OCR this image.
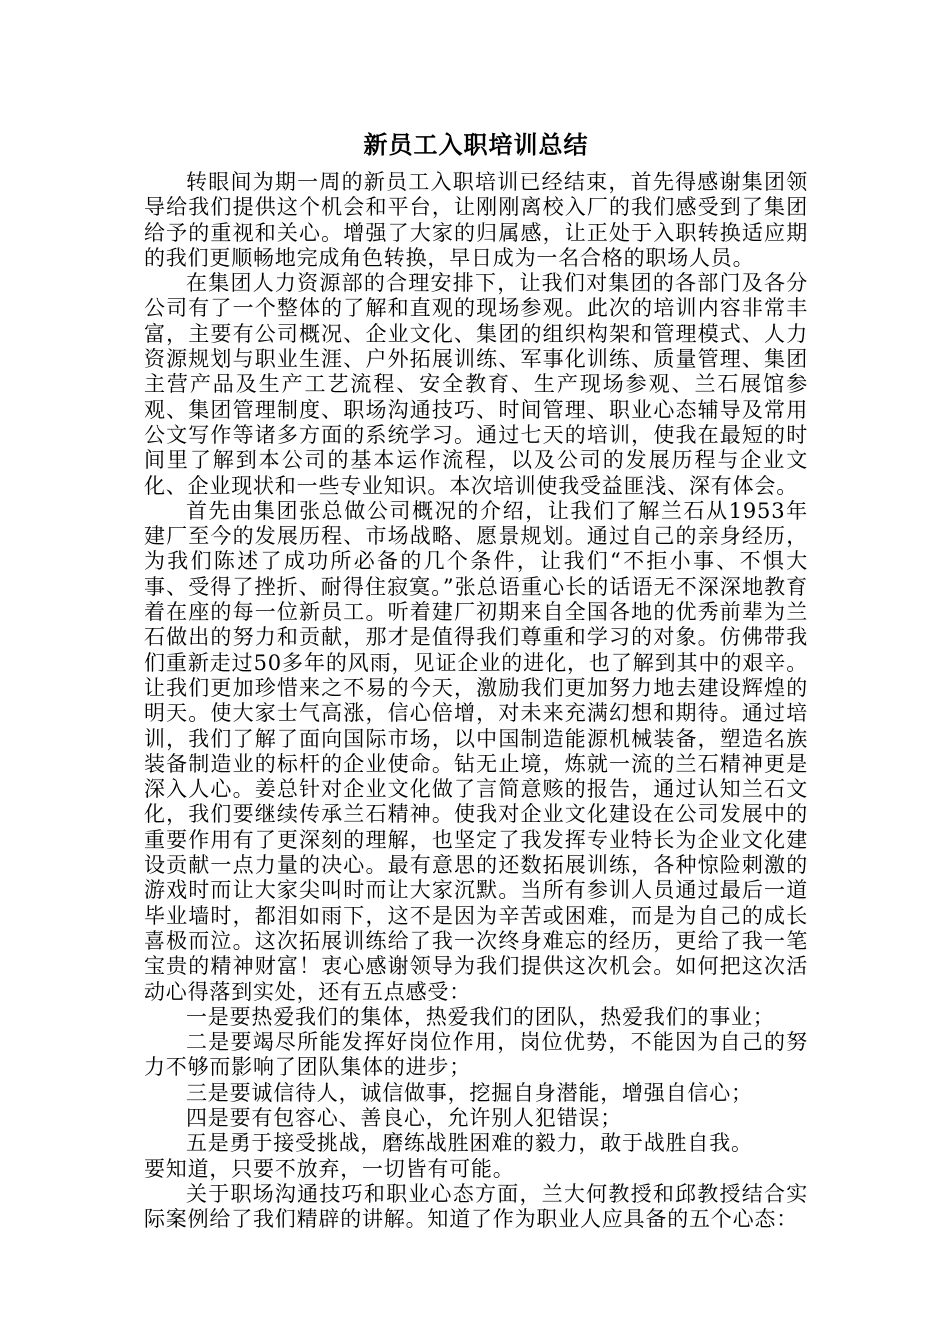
新员工入职培训总结

转眼间为期一周的新员工入职培训已经结束，首先得感谢集团领导给我们提供这个机会和平台，让刚刚离校入厂的我们感受到了集团给予的重视和关心。增强了大家的归属感，让正处于入职转换适应期的我们更顺畅地完成角色转换，早日成为一名合格的职场人员。

在集团人力资源部的合理安排下，让我们对集团的各部门及各分公司有了一个整体的了解和直观的现场参观。此次的培训内容非常丰富，主要有公司概况、企业文化、集团的组织构架和管理模式、人力资源规划与职业生涯、户外拓展训练、军事化训练、质量管理、集团主营产品及生产工艺流程、安全教育、生产现场参观、兰石展馆参观、集团管理制度、职场沟通技巧、时间管理、职业心态辅导及常用公文写作等诸多方面的系统学习。通过七天的培训，使我在最短的时间里了解到本公司的基本运作流程，以及公司的发展历程与企业文化、企业现状和一些专业知识。本次培训使我受益匪浅、深有体会。

首先由集团张总做公司概况的介绍，让我们了解兰石从1953年建厂至今的发展历程、市场战略、愿景规划。通过自己的亲身经历，为我们陈述了成功所必备的几个条件，让我们“不拒小事、不惧大事、受得了挫折、耐得住寂寞。”张总语重心长的话语无不深深地教育着在座的每一位新员工。听着建厂初期来自全国各地的优秀前辈为兰石做出的努力和贡献，那才是值得我们尊重和学习的对象。仿佛带我们重新走过50多年的风雨，见证企业的进化，也了解到其中的艰辛。让我们更加珍惜来之不易的今天，激励我们更加努力地去建设辉煌的明天。使大家士气高涨，信心倍增，对未来充满幻想和期待。通过培训，我们了解了面向国际市场，以中国制造能源机械装备，塑造名族装备制造业的标杆的企业使命。钻无止境，炼就一流的兰石精神更是深入人心。姜总针对企业文化做了言简意赅的报告，通过认知兰石文化，我们要继续传承兰石精神。使我对企业文化建设在公司发展中的重要作用有了更深刻的理解，也坚定了我发挥专业特长为企业文化建设贡献一点力量的决心。最有意思的还数拓展训练，各种惊险刺激的游戏时而让大家尖叫时而让大家沉默。当所有参训人员通过最后一道毕业墙时，都泪如雨下，这不是因为辛苦或困难，而是为自己的成长喜极而泣。这次拓展训练给了我一次终身难忘的经历，更给了我一笔宝贵的精神财富！衷心感谢领导为我们提供这次机会。如何把这次活动心得落到实处，还有五点感受：

一是要热爱我们的集体，热爱我们的团队，热爱我们的事业；

二是要竭尽所能发挥好岗位作用，岗位优势，不能因为自己的努力不够而影响了团队集体的进步；

三是要诚信待人，诚信做事，挖掘自身潜能，增强自信心；

四是要有包容心、善良心，允许别人犯错误；

五是勇于接受挑战，磨练战胜困难的毅力，敢于战胜自我。

要知道，只要不放弃，一切皆有可能。

关于职场沟通技巧和职业心态方面，兰大何教授和邱教授结合实际案例给了我们精辟的讲解。知道了作为职业人应具备的五个心态：
